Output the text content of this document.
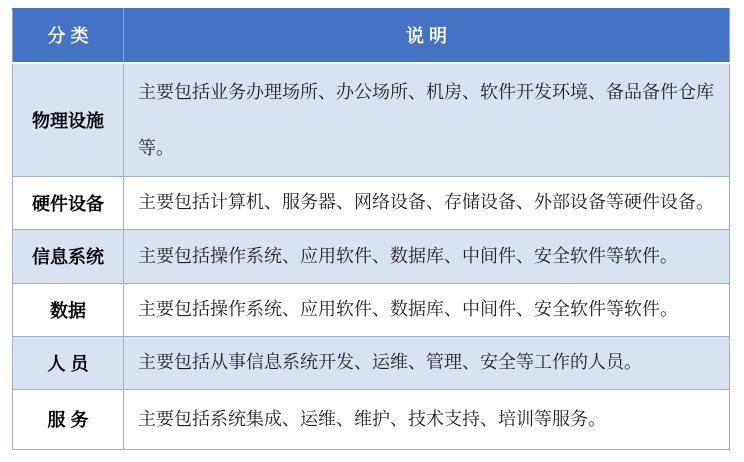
分 类	说 明
物理设施	主要包括业务办理场所、办公场所、机房、软件开发环境、备品备件仓库等。
硬件设备	主要包括计算机、服务器、网络设备、存储设备、外部设备等硬件设备。
信息系统	主要包括操作系统、应用软件、数据库、中间件、安全软件等软件。
数据	主要包括操作系统、应用软件、数据库、中间件、安全软件等软件。
人 员	主要包括从事信息系统开发、运维、管理、安全等工作的人员。
服 务	主要包括系统集成、运维、维护、技术支持、培训等服务。
